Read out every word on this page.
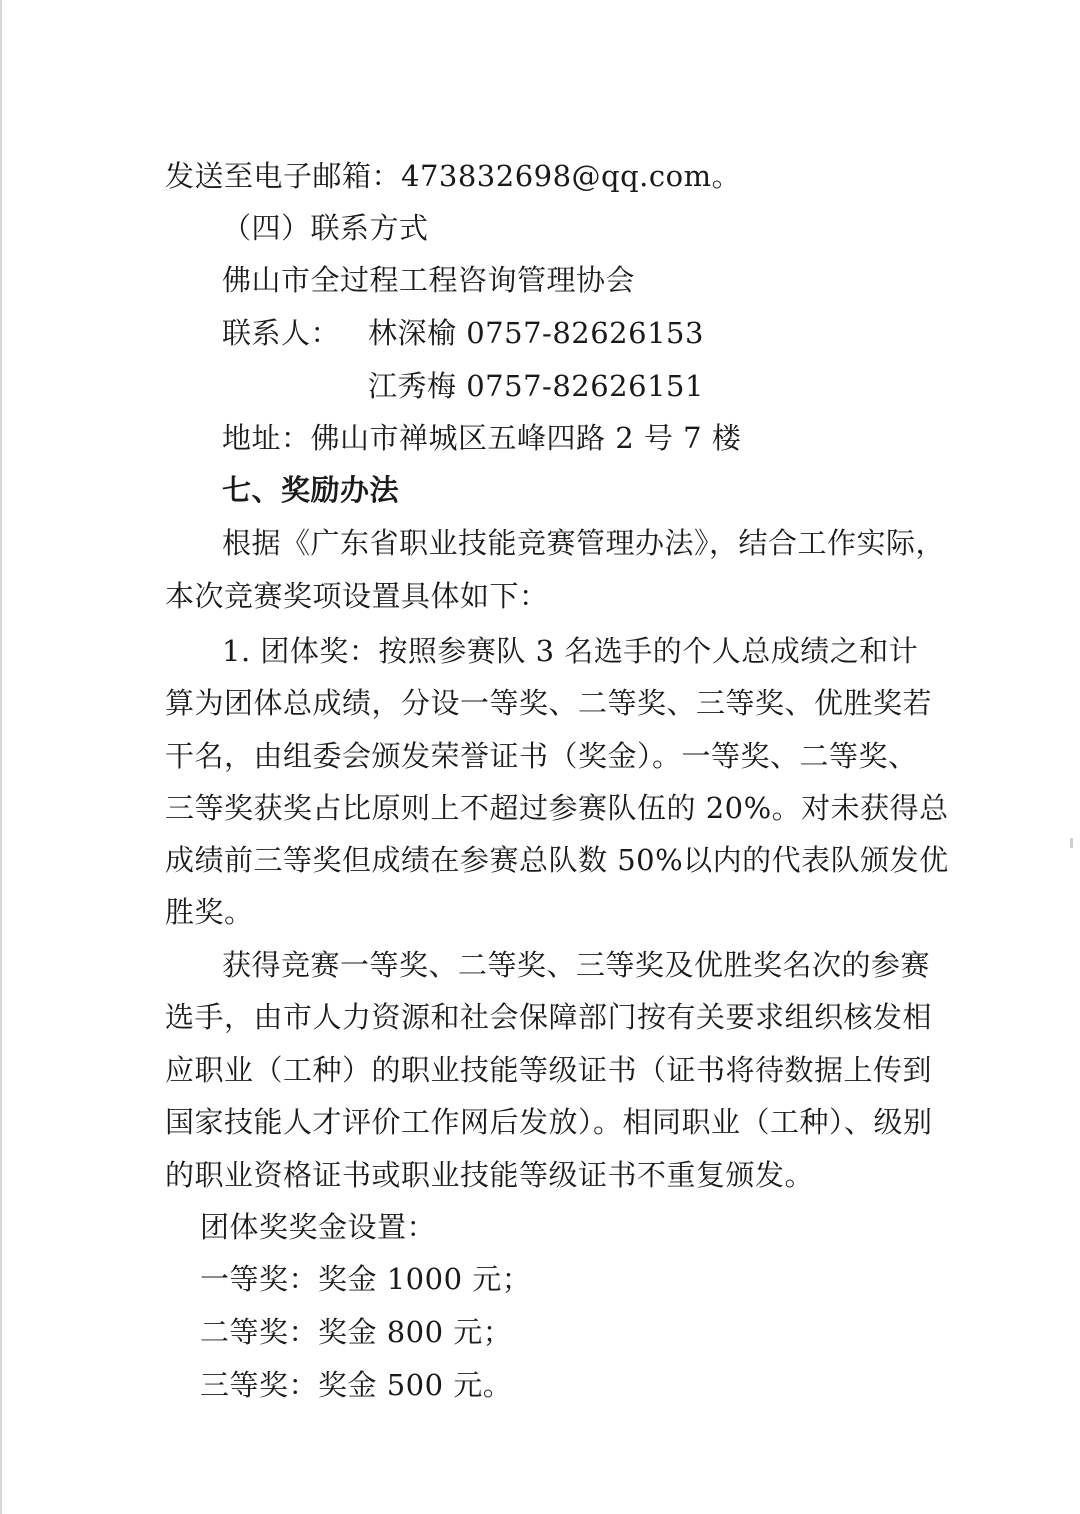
发送至电子邮箱：473832698@qq.com。
（四）联系方式
佛山市全过程工程咨询管理协会
联系人： 林深榆 0757-82626153
江秀梅 0757-82626151
地址：佛山市禅城区五峰四路 2 号 7 楼
七、奖励办法
根据《广东省职业技能竞赛管理办法》，结合工作实际，
本次竞赛奖项设置具体如下：
1. 团体奖：按照参赛队 3 名选手的个人总成绩之和计
算为团体总成绩，分设一等奖、二等奖、三等奖、优胜奖若
干名，由组委会颁发荣誉证书（奖金）。一等奖、二等奖、
三等奖获奖占比原则上不超过参赛队伍的 20%。对未获得总
成绩前三等奖但成绩在参赛总队数 50%以内的代表队颁发优
胜奖。
获得竞赛一等奖、二等奖、三等奖及优胜奖名次的参赛
选手，由市人力资源和社会保障部门按有关要求组织核发相
应职业（工种）的职业技能等级证书（证书将待数据上传到
国家技能人才评价工作网后发放）。相同职业（工种）、级别
的职业资格证书或职业技能等级证书不重复颁发。
团体奖奖金设置：
一等奖：奖金 1000 元；
二等奖：奖金 800 元；
三等奖：奖金 500 元。
